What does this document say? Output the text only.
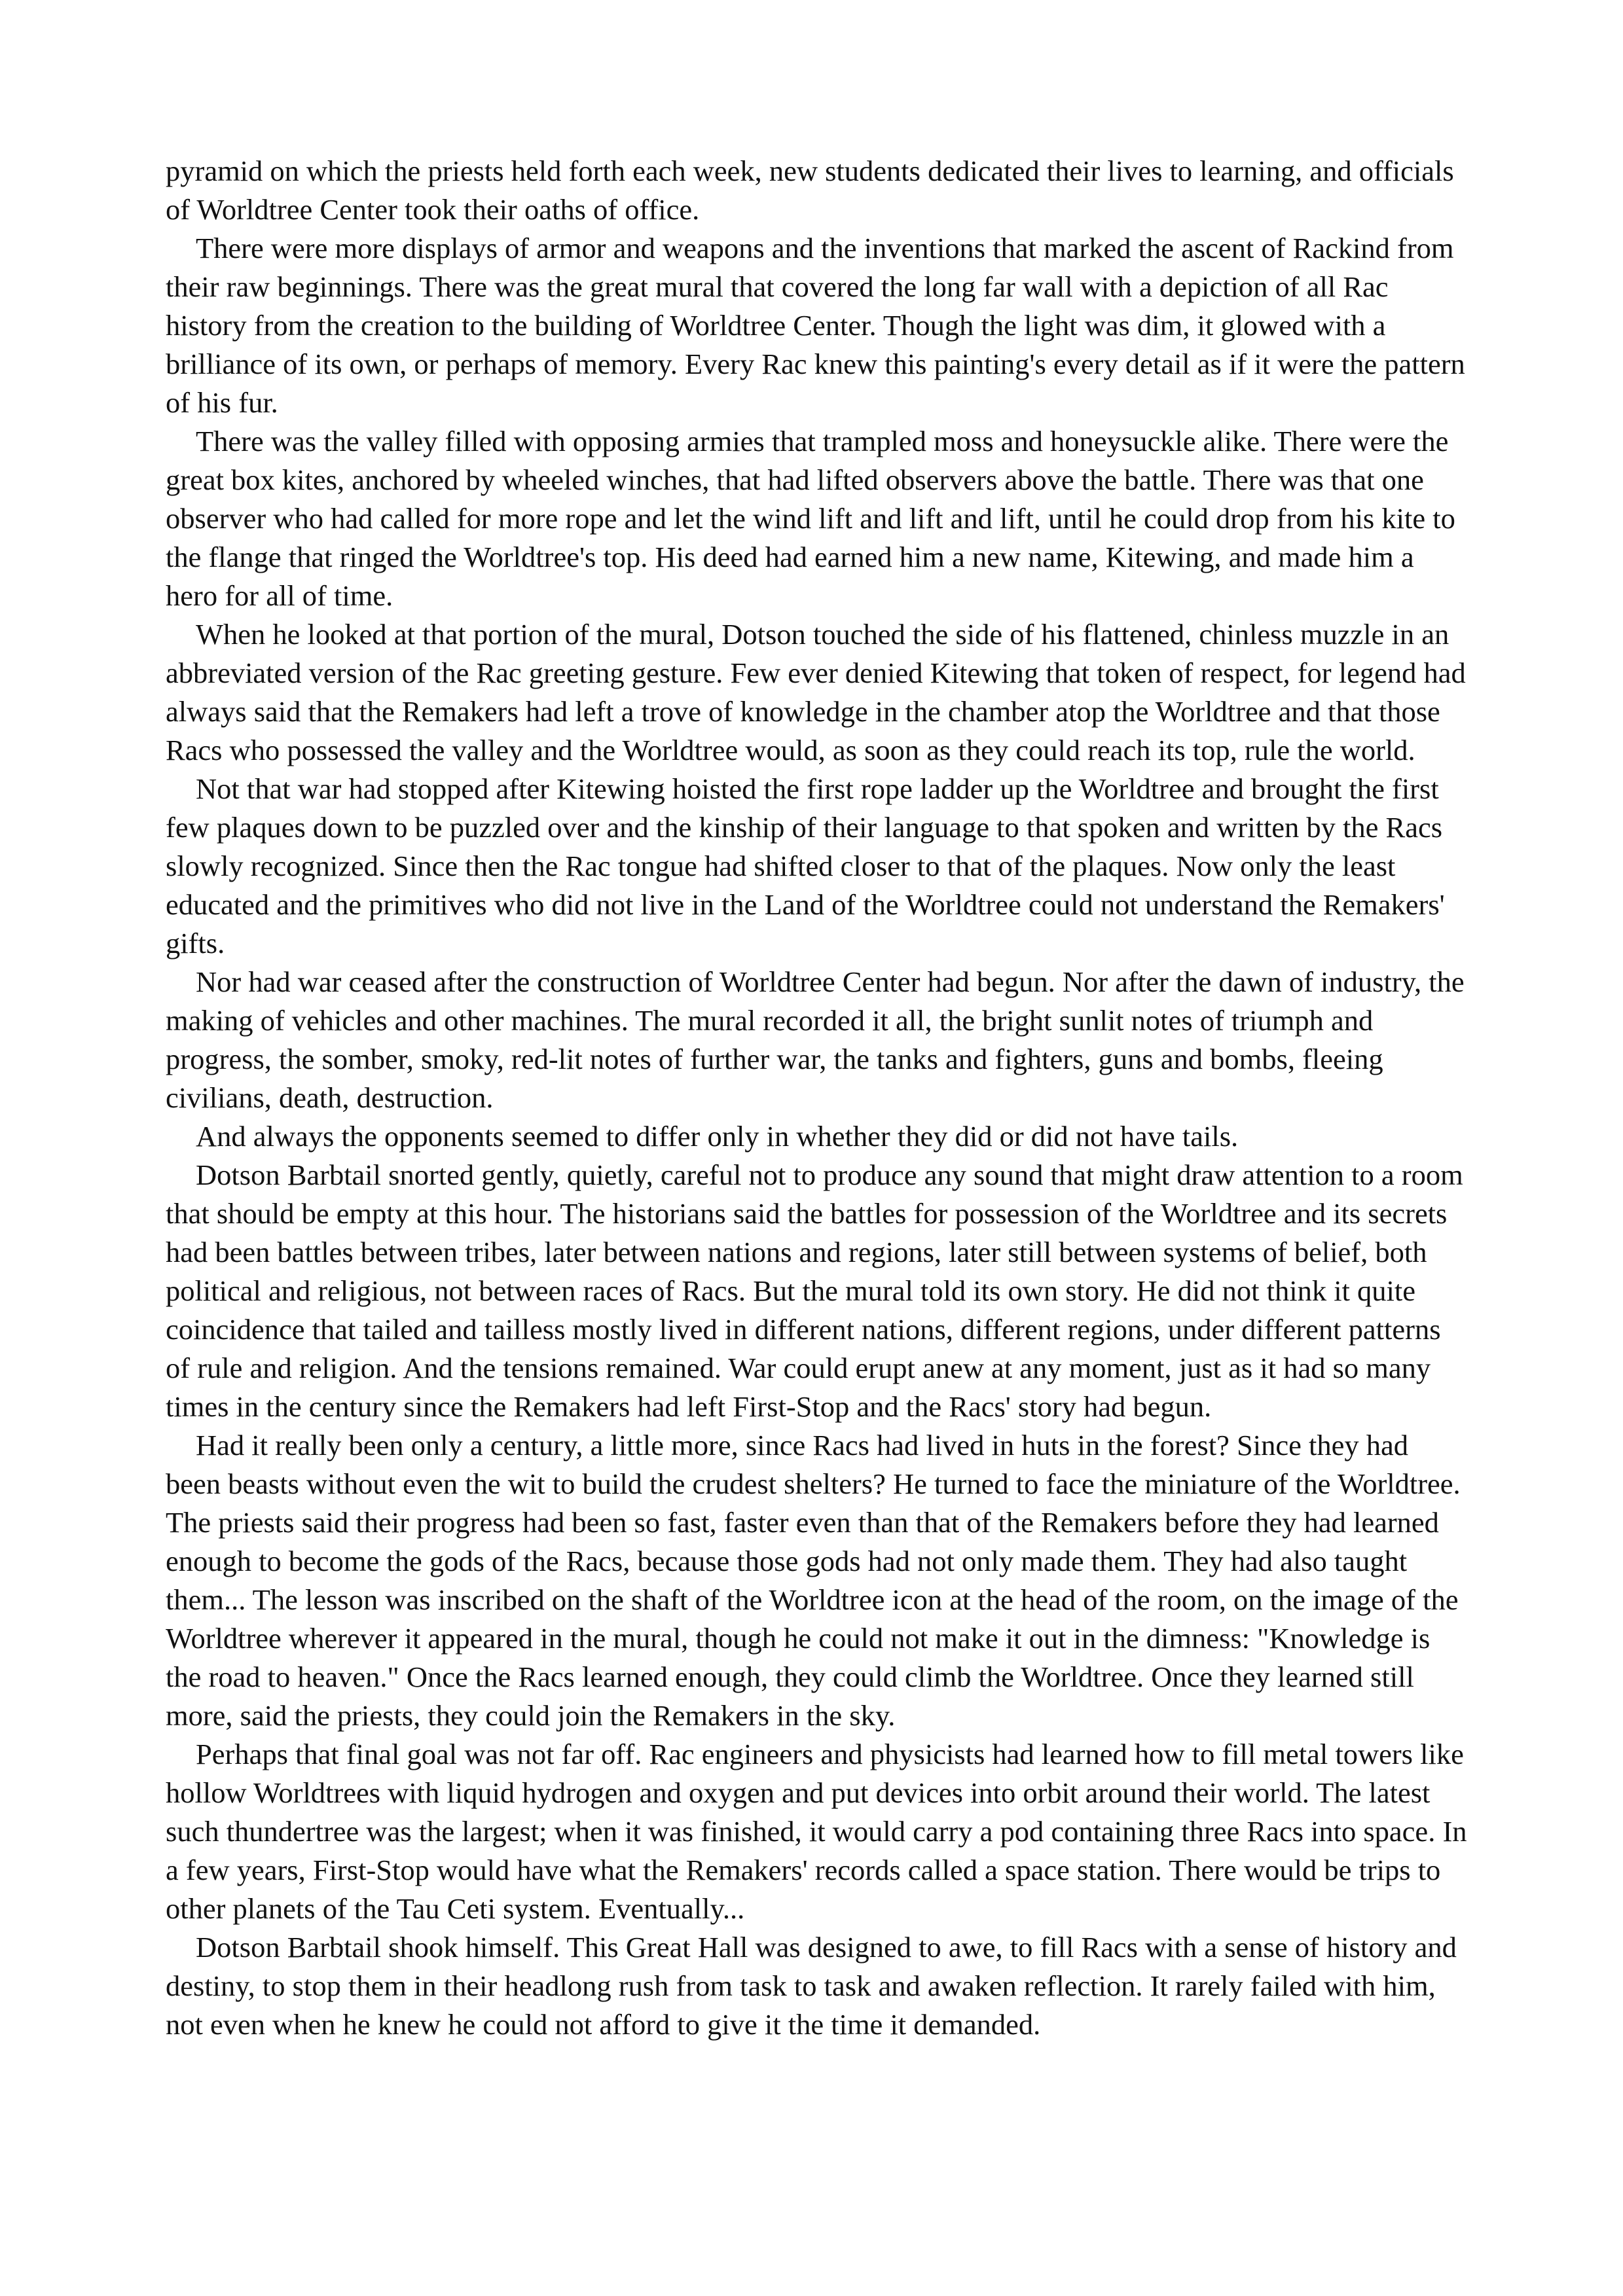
pyramid on which the priests held forth each week, new students dedicated their lives to learning, and officials of Worldtree Center took their oaths of office.

There were more displays of armor and weapons and the inventions that marked the ascent of Rackind from their raw beginnings. There was the great mural that covered the long far wall with a depiction of all Rac history from the creation to the building of Worldtree Center. Though the light was dim, it glowed with a brilliance of its own, or perhaps of memory. Every Rac knew this painting's every detail as if it were the pattern of his fur.

There was the valley filled with opposing armies that trampled moss and honeysuckle alike. There were the great box kites, anchored by wheeled winches, that had lifted observers above the battle. There was that one observer who had called for more rope and let the wind lift and lift and lift, until he could drop from his kite to the flange that ringed the Worldtree's top. His deed had earned him a new name, Kitewing, and made him a hero for all of time.

When he looked at that portion of the mural, Dotson touched the side of his flattened, chinless muzzle in an abbreviated version of the Rac greeting gesture. Few ever denied Kitewing that token of respect, for legend had always said that the Remakers had left a trove of knowledge in the chamber atop the Worldtree and that those Racs who possessed the valley and the Worldtree would, as soon as they could reach its top, rule the world.

Not that war had stopped after Kitewing hoisted the first rope ladder up the Worldtree and brought the first few plaques down to be puzzled over and the kinship of their language to that spoken and written by the Racs slowly recognized. Since then the Rac tongue had shifted closer to that of the plaques. Now only the least educated and the primitives who did not live in the Land of the Worldtree could not understand the Remakers' gifts.

Nor had war ceased after the construction of Worldtree Center had begun. Nor after the dawn of industry, the making of vehicles and other machines. The mural recorded it all, the bright sunlit notes of triumph and progress, the somber, smoky, red-lit notes of further war, the tanks and fighters, guns and bombs, fleeing civilians, death, destruction.

And always the opponents seemed to differ only in whether they did or did not have tails.

Dotson Barbtail snorted gently, quietly, careful not to produce any sound that might draw attention to a room that should be empty at this hour. The historians said the battles for possession of the Worldtree and its secrets had been battles between tribes, later between nations and regions, later still between systems of belief, both political and religious, not between races of Racs. But the mural told its own story. He did not think it quite coincidence that tailed and tailless mostly lived in different nations, different regions, under different patterns of rule and religion. And the tensions remained. War could erupt anew at any moment, just as it had so many times in the century since the Remakers had left First-Stop and the Racs' story had begun.

Had it really been only a century, a little more, since Racs had lived in huts in the forest? Since they had been beasts without even the wit to build the crudest shelters? He turned to face the miniature of the Worldtree. The priests said their progress had been so fast, faster even than that of the Remakers before they had learned enough to become the gods of the Racs, because those gods had not only made them. They had also taught them... The lesson was inscribed on the shaft of the Worldtree icon at the head of the room, on the image of the Worldtree wherever it appeared in the mural, though he could not make it out in the dimness: "Knowledge is the road to heaven." Once the Racs learned enough, they could climb the Worldtree. Once they learned still more, said the priests, they could join the Remakers in the sky.

Perhaps that final goal was not far off. Rac engineers and physicists had learned how to fill metal towers like hollow Worldtrees with liquid hydrogen and oxygen and put devices into orbit around their world. The latest such thundertree was the largest; when it was finished, it would carry a pod containing three Racs into space. In a few years, First-Stop would have what the Remakers' records called a space station. There would be trips to other planets of the Tau Ceti system. Eventually...

Dotson Barbtail shook himself. This Great Hall was designed to awe, to fill Racs with a sense of history and destiny, to stop them in their headlong rush from task to task and awaken reflection. It rarely failed with him, not even when he knew he could not afford to give it the time it demanded.
